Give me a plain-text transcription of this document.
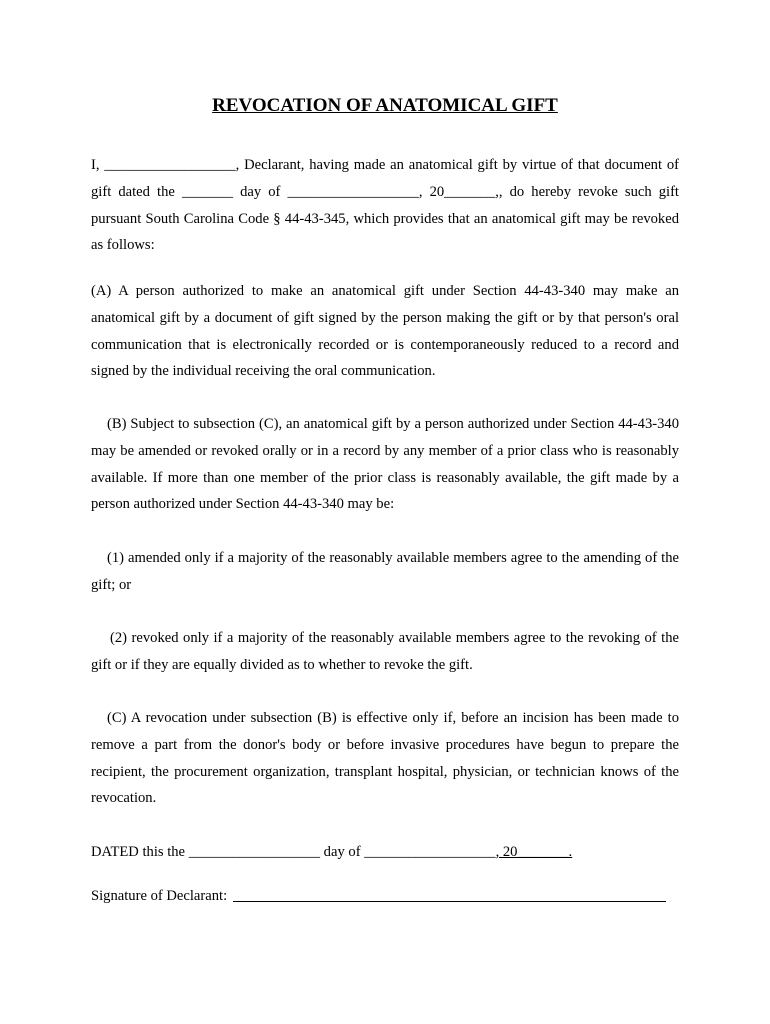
REVOCATION OF ANATOMICAL GIFT
I, __________________, Declarant, having made an anatomical gift by virtue of that document of gift dated the _______ day of __________________, 20_______,, do hereby revoke such gift pursuant South Carolina Code § 44-43-345, which provides that an anatomical gift may be revoked as follows:
(A) A person authorized to make an anatomical gift under Section 44-43-340 may make an anatomical gift by a document of gift signed by the person making the gift or by that person's oral communication that is electronically recorded or is contemporaneously reduced to a record and signed by the individual receiving the oral communication.
(B) Subject to subsection (C), an anatomical gift by a person authorized under Section 44-43-340 may be amended or revoked orally or in a record by any member of a prior class who is reasonably available. If more than one member of the prior class is reasonably available, the gift made by a person authorized under Section 44-43-340 may be:
(1) amended only if a majority of the reasonably available members agree to the amending of the gift; or
(2) revoked only if a majority of the reasonably available members agree to the revoking of the gift or if they are equally divided as to whether to revoke the gift.
(C) A revocation under subsection (B) is effective only if, before an incision has been made to remove a part from the donor's body or before invasive procedures have begun to prepare the recipient, the procurement organization, transplant hospital, physician, or technician knows of the revocation.
DATED this the __________________ day of __________________, 20_______.
Signature of Declarant:
